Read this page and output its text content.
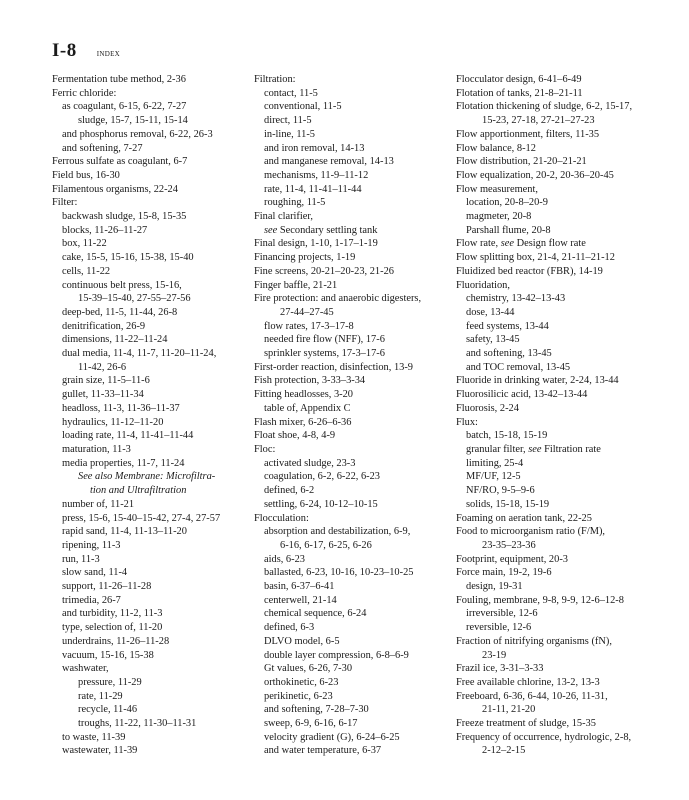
I-8	INDEX
Fermentation tube method, 2-36
Ferric chloride:
as coagulant, 6-15, 6-22, 7-27
sludge, 15-7, 15-11, 15-14
and phosphorus removal, 6-22, 26-3
and softening, 7-27
Ferrous sulfate as coagulant, 6-7
Field bus, 16-30
Filamentous organisms, 22-24
Filter:
backwash sludge, 15-8, 15-35
blocks, 11-26–11-27
box, 11-22
cake, 15-5, 15-16, 15-38, 15-40
cells, 11-22
continuous belt press, 15-16,
15-39–15-40, 27-55–27-56
deep-bed, 11-5, 11-44, 26-8
denitrification, 26-9
dimensions, 11-22–11-24
dual media, 11-4, 11-7, 11-20–11-24,
11-42, 26-6
grain size, 11-5–11-6
gullet, 11-33–11-34
headloss, 11-3, 11-36–11-37
hydraulics, 11-12–11-20
loading rate, 11-4, 11-41–11-44
maturation, 11-3
media properties, 11-7, 11-24
See also Membrane: Microfiltra-
tion and Ultrafiltration
number of, 11-21
press, 15-6, 15-40–15-42, 27-4, 27-57
rapid sand, 11-4, 11-13–11-20
ripening, 11-3
run, 11-3
slow sand, 11-4
support, 11-26–11-28
trimedia, 26-7
and turbidity, 11-2, 11-3
type, selection of, 11-20
underdrains, 11-26–11-28
vacuum, 15-16, 15-38
washwater,
pressure, 11-29
rate, 11-29
recycle, 11-46
troughs, 11-22, 11-30–11-31
to waste, 11-39
wastewater, 11-39
Filtration:
contact, 11-5
conventional, 11-5
direct, 11-5
in-line, 11-5
and iron removal, 14-13
and manganese removal, 14-13
mechanisms, 11-9–11-12
rate, 11-4, 11-41–11-44
roughing, 11-5
Final clarifier,
see Secondary settling tank
Final design, 1-10, 1-17–1-19
Financing projects, 1-19
Fine screens, 20-21–20-23, 21-26
Finger baffle, 21-21
Fire protection: and anaerobic digesters,
27-44–27-45
flow rates, 17-3–17-8
needed fire flow (NFF), 17-6
sprinkler systems, 17-3–17-6
First-order reaction, disinfection, 13-9
Fish protection, 3-33–3-34
Fitting headlosses, 3-20
table of, Appendix C
Flash mixer, 6-26–6-36
Float shoe, 4-8, 4-9
Floc:
activated sludge, 23-3
coagulation, 6-2, 6-22, 6-23
defined, 6-2
settling, 6-24, 10-12–10-15
Flocculation:
absorption and destabilization, 6-9,
6-16, 6-17, 6-25, 6-26
aids, 6-23
ballasted, 6-23, 10-16, 10-23–10-25
basin, 6-37–6-41
centerwell, 21-14
chemical sequence, 6-24
defined, 6-3
DLVO model, 6-5
double layer compression, 6-8–6-9
Gt values, 6-26, 7-30
orthokinetic, 6-23
perikinetic, 6-23
and softening, 7-28–7-30
sweep, 6-9, 6-16, 6-17
velocity gradient (G), 6-24–6-25
and water temperature, 6-37
Flocculator design, 6-41–6-49
Flotation of tanks, 21-8–21-11
Flotation thickening of sludge, 6-2, 15-17,
15-23, 27-18, 27-21–27-23
Flow apportionment, filters, 11-35
Flow balance, 8-12
Flow distribution, 21-20–21-21
Flow equalization, 20-2, 20-36–20-45
Flow measurement,
location, 20-8–20-9
magmeter, 20-8
Parshall flume, 20-8
Flow rate, see Design flow rate
Flow splitting box, 21-4, 21-11–21-12
Fluidized bed reactor (FBR), 14-19
Fluoridation,
chemistry, 13-42–13-43
dose, 13-44
feed systems, 13-44
safety, 13-45
and softening, 13-45
and TOC removal, 13-45
Fluoride in drinking water, 2-24, 13-44
Fluorosilicic acid, 13-42–13-44
Fluorosis, 2-24
Flux:
batch, 15-18, 15-19
granular filter, see Filtration rate
limiting, 25-4
MF/UF, 12-5
NF/RO, 9-5–9-6
solids, 15-18, 15-19
Foaming on aeration tank, 22-25
Food to microorganism ratio (F/M),
23-35–23-36
Footprint, equipment, 20-3
Force main, 19-2, 19-6
design, 19-31
Fouling, membrane, 9-8, 9-9, 12-6–12-8
irreversible, 12-6
reversible, 12-6
Fraction of nitrifying organisms (fN),
23-19
Frazil ice, 3-31–3-33
Free available chlorine, 13-2, 13-3
Freeboard, 6-36, 6-44, 10-26, 11-31,
21-11, 21-20
Freeze treatment of sludge, 15-35
Frequency of occurrence, hydrologic, 2-8,
2-12–2-15
